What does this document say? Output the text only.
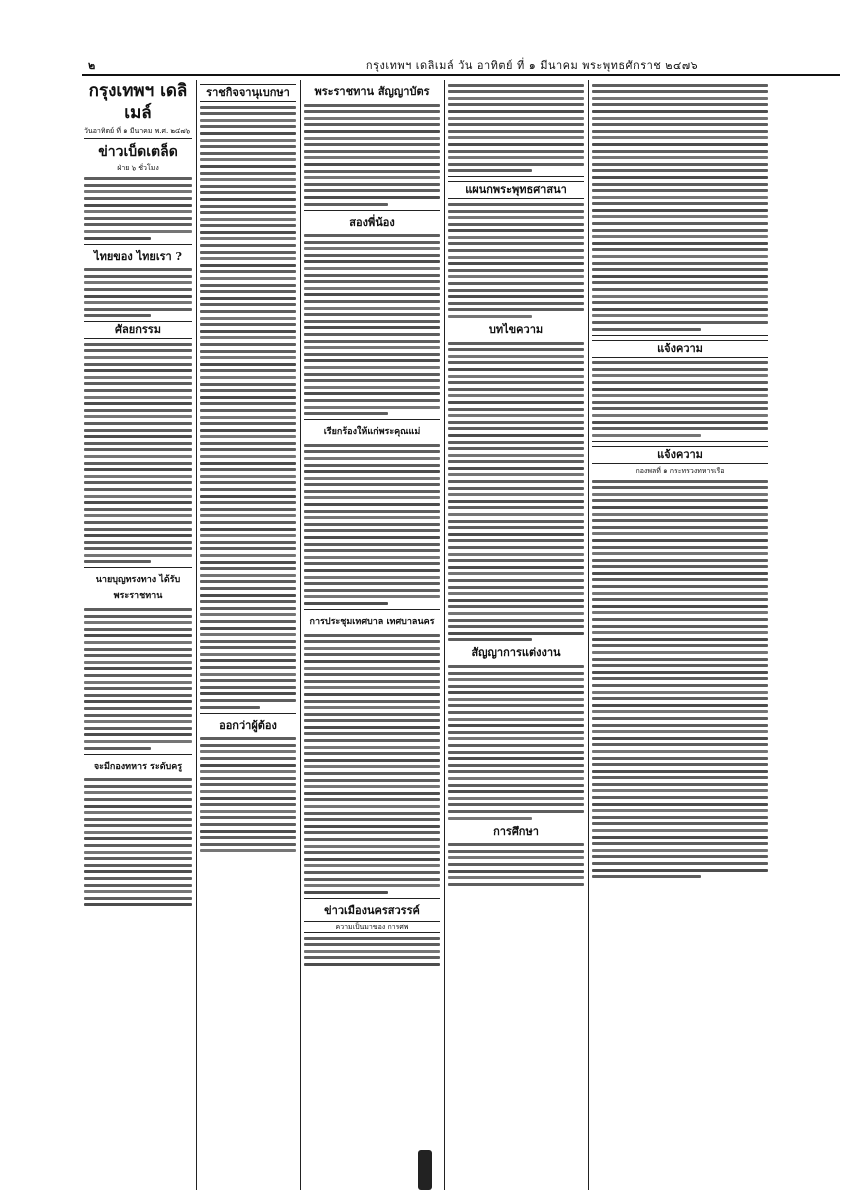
๒	กรุงเทพฯ เดลิเมล์ วัน อาทิตย์ ที่ ๑ มีนาคม พระพุทธศักราช ๒๔๗๖
กรุงเทพฯ เดลิเมล์
วันอาทิตย์ ที่ ๑ มีนาคม พ.ศ. ๒๔๗๖
ข่าวเบ็ดเตล็ด
ฝ่าย ๖ ชั่วโมง
ไทยของ ไทยเรา ?
ศัลยกรรม
นายบุญทรงทาง ได้รับพระราชทาน
จะมีกองทหาร ระดับครู
ราชกิจจานุเบกษา
ออกว่าผู้ต้อง
พระราชทาน สัญญาบัตร
สองพี่น้อง
เรียกร้องให้แก่พระคุณแม่
การประชุมเทศบาล เทศบาลนคร
ข่าวเมืองนครสวรรค์
ความเป็นมาของ การศพ
แผนกพระพุทธศาสนา
บทไขความ
สัญญาการแต่งงาน
การศึกษา
แจ้งความ
แจ้งความ
กองพลที่ ๑ กระทรวงทหารเรือ
